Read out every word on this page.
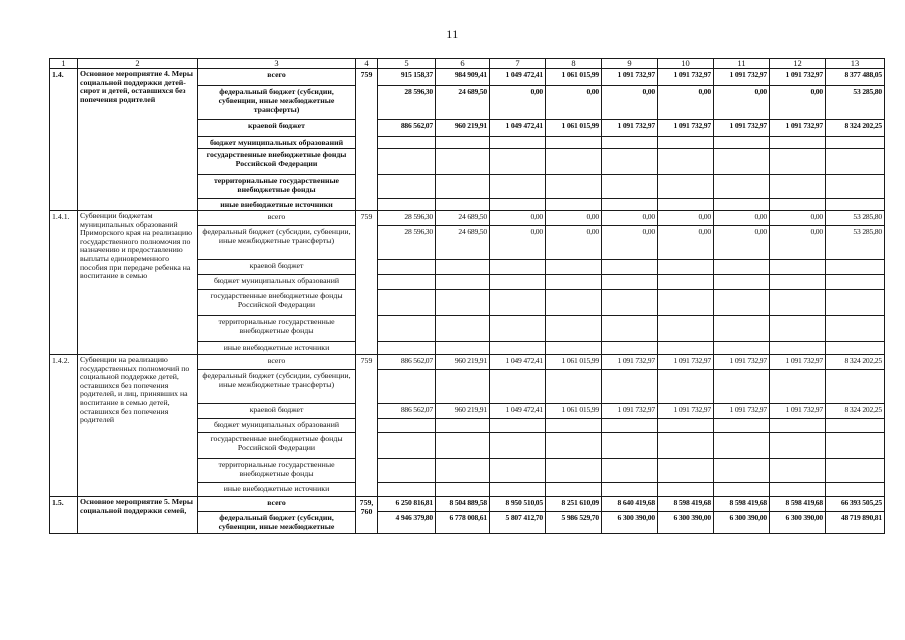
11
1	2	3	4	5	6	7	8	9	10	11	12	13
1.4.	Основное мероприятие 4. Меры социальной поддержки детей-сирот и детей, оставшихся без попечения родителей	всего	759	915 158,37	984 909,41	1 049 472,41	1 061 015,99	1 091 732,97	1 091 732,97	1 091 732,97	1 091 732,97	8 377 488,05
		федеральный бюджет (субсидии, субвенции, иные межбюджетные трансферты)		28 596,30	24 689,50	0,00	0,00	0,00	0,00	0,00	0,00	53 285,80
		краевой бюджет		886 562,07	960 219,91	1 049 472,41	1 061 015,99	1 091 732,97	1 091 732,97	1 091 732,97	1 091 732,97	8 324 202,25
		бюджет муниципальных образований										
		государственные внебюджетные фонды Российской Федерации										
		территориальные государственные внебюджетные фонды										
		иные внебюджетные источники										
1.4.1.	Субвенции бюджетам муниципальных образований Приморского края на реализацию государственного полномочия по назначению и предоставлению выплаты единовременного пособия при передаче ребенка на воспитание в семью	всего	759	28 596,30	24 689,50	0,00	0,00	0,00	0,00	0,00	0,00	53 285,80
		федеральный бюджет (субсидии, субвенции, иные межбюджетные трансферты)		28 596,30	24 689,50	0,00	0,00	0,00	0,00	0,00	0,00	53 285,80
		краевой бюджет										
		бюджет муниципальных образований										
		государственные внебюджетные фонды Российской Федерации										
		территориальные государственные внебюджетные фонды										
		иные внебюджетные источники										
1.4.2.	Субвенции на реализацию государственных полномочий по социальной поддержке детей, оставшихся без попечения родителей, и лиц, принявших на воспитание в семью детей, оставшихся без попечения родителей	всего	759	886 562,07	960 219,91	1 049 472,41	1 061 015,99	1 091 732,97	1 091 732,97	1 091 732,97	1 091 732,97	8 324 202,25
		федеральный бюджет (субсидии, субвенции, иные межбюджетные трансферты)										
		краевой бюджет		886 562,07	960 219,91	1 049 472,41	1 061 015,99	1 091 732,97	1 091 732,97	1 091 732,97	1 091 732,97	8 324 202,25
		бюджет муниципальных образований										
		государственные внебюджетные фонды Российской Федерации										
		территориальные государственные внебюджетные фонды										
		иные внебюджетные источники										
1.5.	Основное мероприятие 5. Меры социальной поддержки семей,	всего	759, 760	6 250 816,81	8 504 889,58	8 950 510,05	8 251 610,09	8 640 419,68	8 598 419,68	8 598 419,68	8 598 419,68	66 393 505,25
		федеральный бюджет (субсидии, субвенции, иные межбюджетные		4 946 379,80	6 778 008,61	5 807 412,70	5 986 529,70	6 300 390,00	6 300 390,00	6 300 390,00	6 300 390,00	48 719 890,81
